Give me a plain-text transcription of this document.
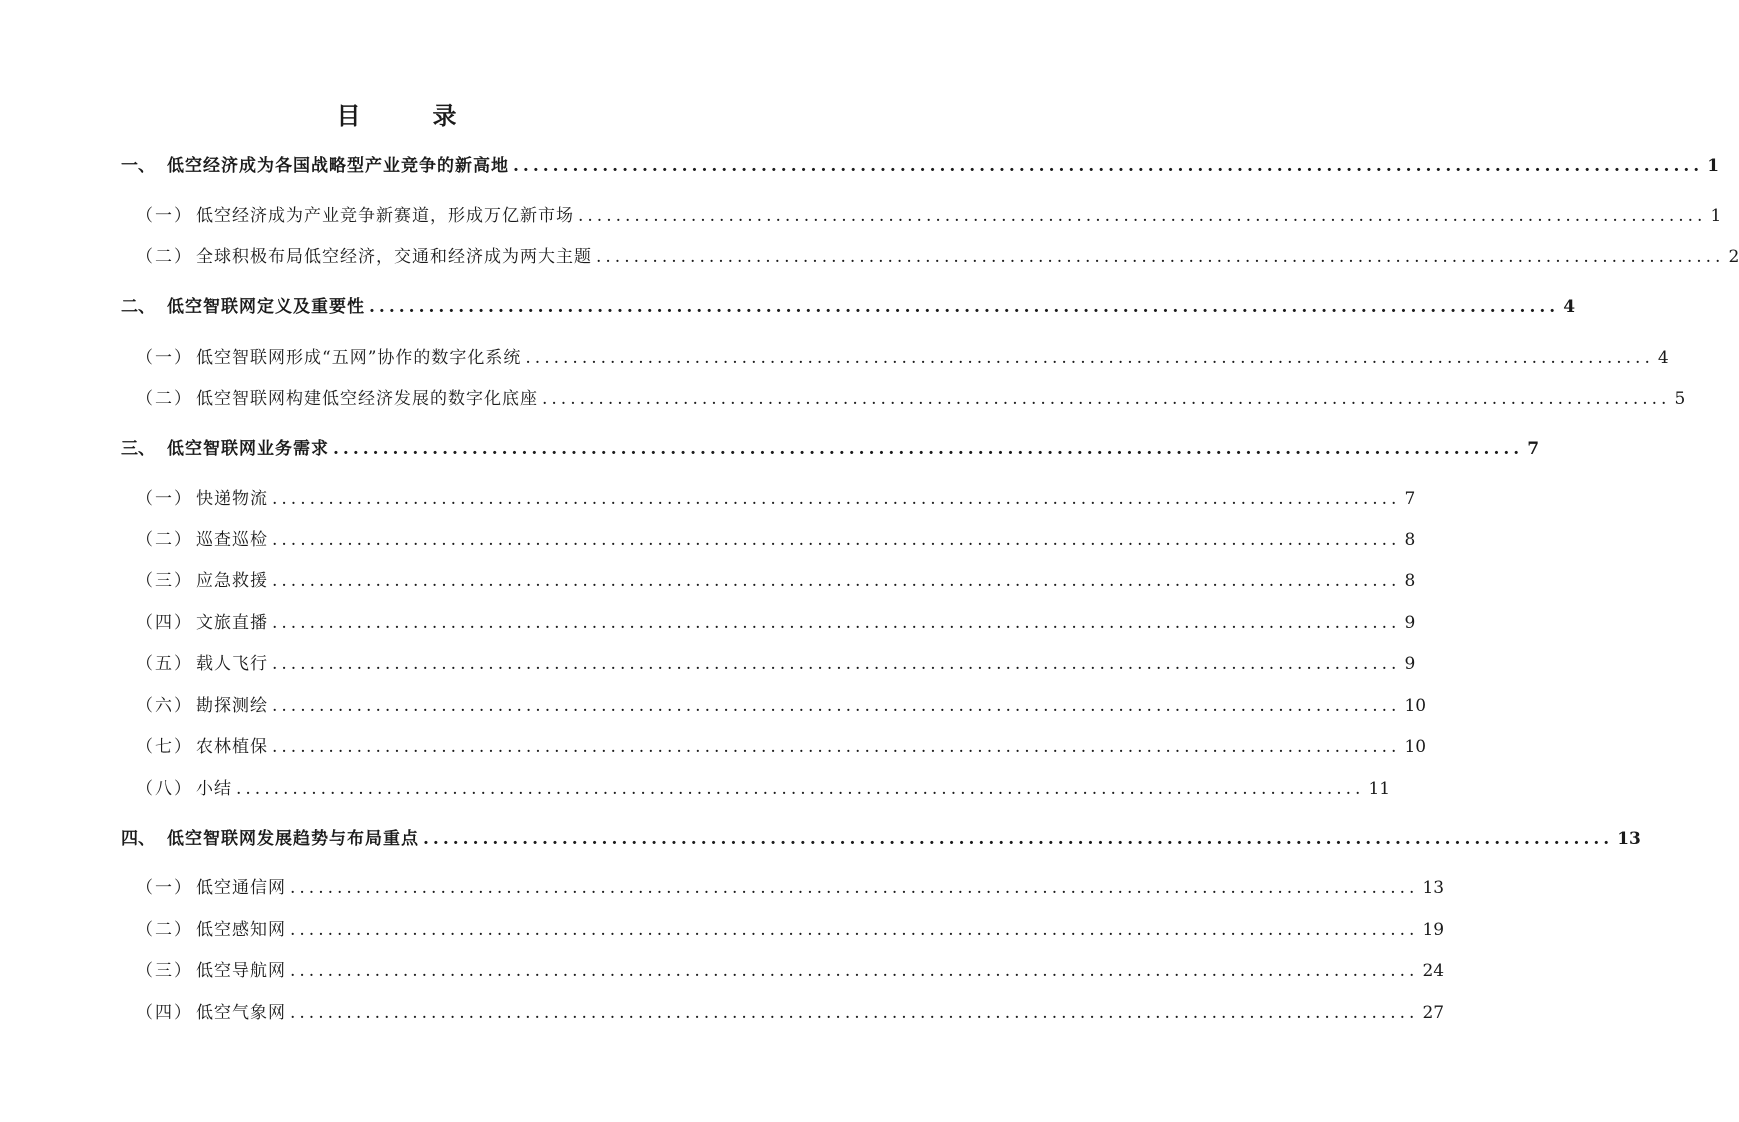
目　录
一、 低空经济成为各国战略型产业竞争的新高地 ........................................................................................................................ 1
（一） 低空经济成为产业竞争新赛道，形成万亿新市场 ........................................................................................................................ 1
（二） 全球积极布局低空经济，交通和经济成为两大主题 ........................................................................................................................ 2
二、 低空智联网定义及重要性 ........................................................................................................................ 4
（一） 低空智联网形成“五网”协作的数字化系统 ........................................................................................................................ 4
（二） 低空智联网构建低空经济发展的数字化底座 ........................................................................................................................ 5
三、 低空智联网业务需求 ........................................................................................................................ 7
（一） 快递物流 ........................................................................................................................ 7
（二） 巡查巡检 ........................................................................................................................ 8
（三） 应急救援 ........................................................................................................................ 8
（四） 文旅直播 ........................................................................................................................ 9
（五） 载人飞行 ........................................................................................................................ 9
（六） 勘探测绘 ........................................................................................................................ 10
（七） 农林植保 ........................................................................................................................ 10
（八） 小结 ........................................................................................................................ 11
四、 低空智联网发展趋势与布局重点 ........................................................................................................................ 13
（一） 低空通信网 ........................................................................................................................ 13
（二） 低空感知网 ........................................................................................................................ 19
（三） 低空导航网 ........................................................................................................................ 24
（四） 低空气象网 ........................................................................................................................ 27
